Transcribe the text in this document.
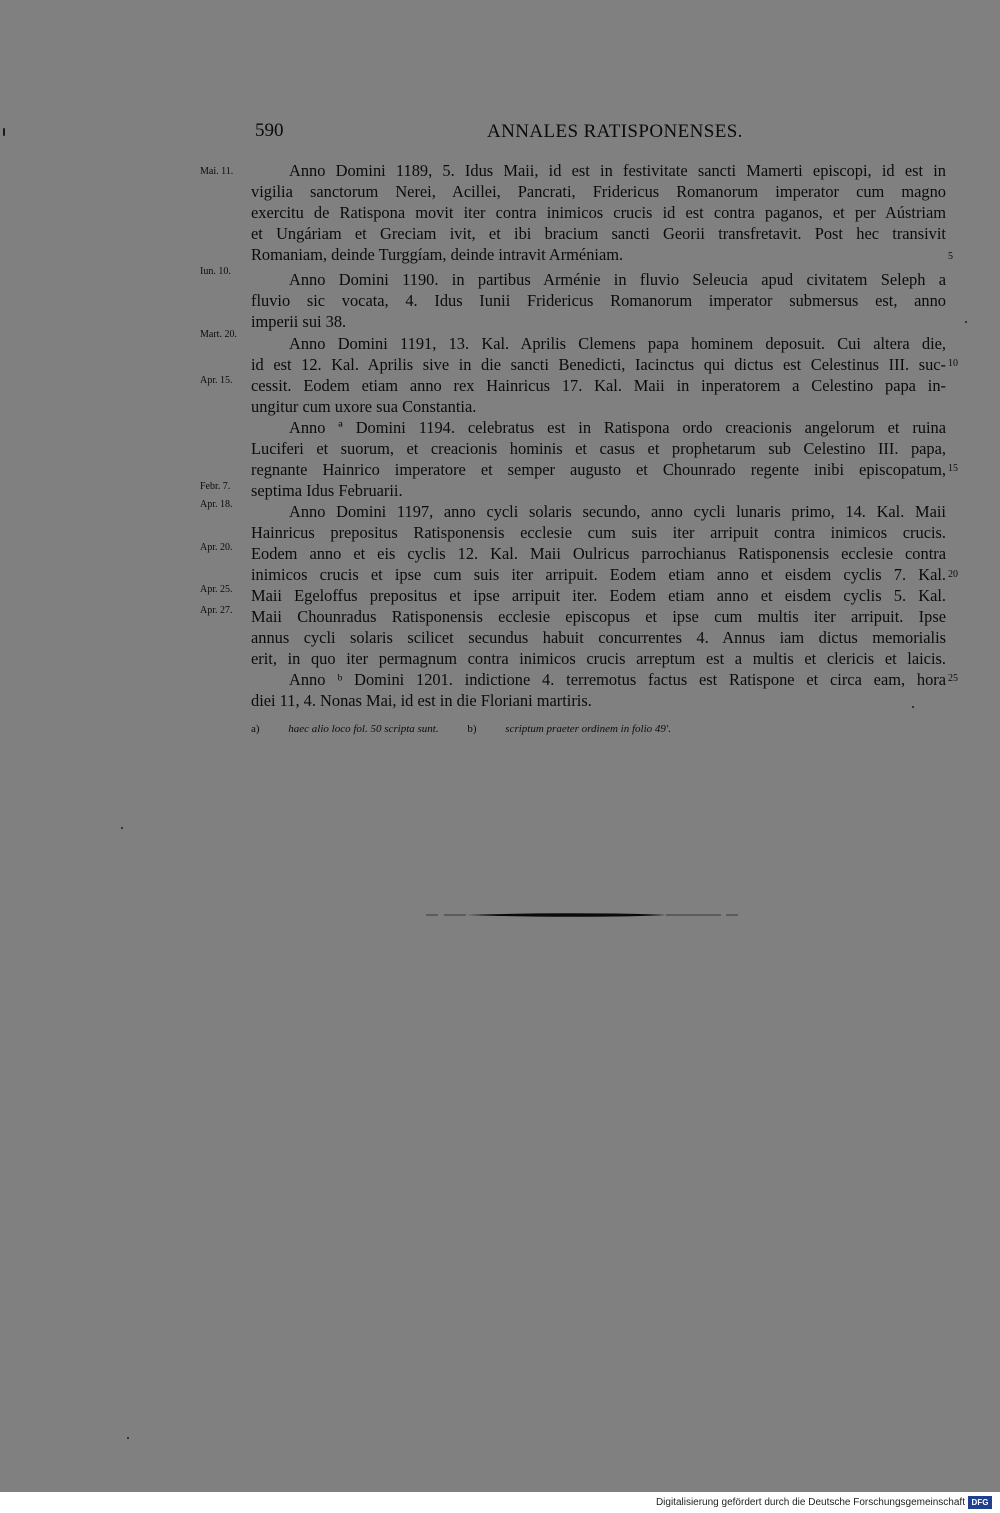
590	ANNALES RATISPONENSES.
Anno Domini 1189, 5. Idus Maii, id est in festivitate sancti Mamerti episcopi, id est in
vigilia sanctorum Nerei, Acillei, Pancrati, Fridericus Romanorum imperator cum magno
exercitu de Ratispona movit iter contra inimicos crucis id est contra paganos, et per Aústriam
et Ungáriam et Greciam ivit, et ibi bracium sancti Georii transfretavit. Post hec transivit
Romaniam, deinde Turggíam, deinde intravit Arméniam.
Anno Domini 1190. in partibus Arménie in fluvio Seleucia apud civitatem Seleph a
fluvio sic vocata, 4. Idus Iunii Fridericus Romanorum imperator submersus est, anno
imperii sui 38.
Anno Domini 1191, 13. Kal. Aprilis Clemens papa hominem deposuit. Cui altera die,
id est 12. Kal. Aprilis sive in die sancti Benedicti, Iacinctus qui dictus est Celestinus III. suc-
cessit. Eodem etiam anno rex Hainricus 17. Kal. Maii in inperatorem a Celestino papa in-
ungitur cum uxore sua Constantia.
Anno ª Domini 1194. celebratus est in Ratispona ordo creacionis angelorum et ruina
Luciferi et suorum, et creacionis hominis et casus et prophetarum sub Celestino III. papa,
regnante Hainrico imperatore et semper augusto et Chounrado regente inibi episcopatum,
septima Idus Februarii.
Anno Domini 1197, anno cycli solaris secundo, anno cycli lunaris primo, 14. Kal. Maii
Hainricus prepositus Ratisponensis ecclesie cum suis iter arripuit contra inimicos crucis.
Eodem anno et eis cyclis 12. Kal. Maii Oulricus parrochianus Ratisponensis ecclesie contra
inimicos crucis et ipse cum suis iter arripuit. Eodem etiam anno et eisdem cyclis 7. Kal.
Maii Egeloffus prepositus et ipse arripuit iter. Eodem etiam anno et eisdem cyclis 5. Kal.
Maii Chounradus Ratisponensis ecclesie episcopus et ipse cum multis iter arripuit. Ipse
annus cycli solaris scilicet secundus habuit concurrentes 4. Annus iam dictus memorialis
erit, in quo iter permagnum contra inimicos crucis arreptum est a multis et clericis et laicis.
Anno ᵇ Domini 1201. indictione 4. terremotus factus est Ratispone et circa eam, hora
diei 11, 4. Nonas Mai, id est in die Floriani martiris.
Mai. 11.
Iun. 10.
Mart. 20.
Apr. 15.
Febr. 7.
Apr. 18.
Apr. 20.
Apr. 25.
Apr. 27.
5
10
15
20
25
a)	haec alio loco fol. 50 scripta sunt.	b)	scriptum praeter ordinem in folio 49'.
Digitalisierung gefördert durch die Deutsche Forschungsgemeinschaft DFG
